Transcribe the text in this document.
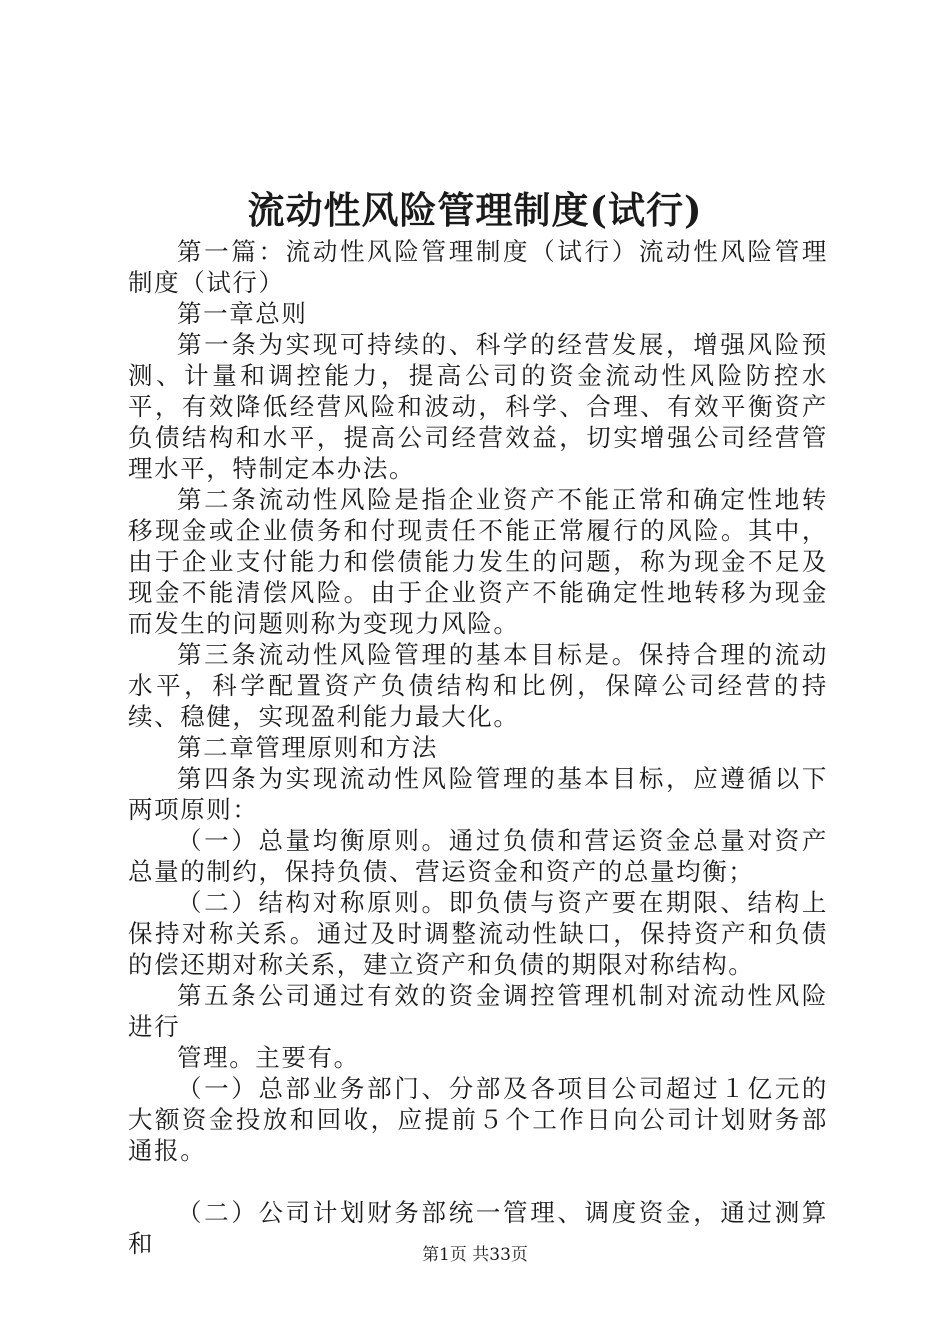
流动性风险管理制度(试行)

第一篇：流动性风险管理制度（试行）流动性风险管理制度（试行）

第一章总则

第一条为实现可持续的、科学的经营发展，增强风险预测、计量和调控能力，提高公司的资金流动性风险防控水平，有效降低经营风险和波动，科学、合理、有效平衡资产负债结构和水平，提高公司经营效益，切实增强公司经营管理水平，特制定本办法。

第二条流动性风险是指企业资产不能正常和确定性地转移现金或企业债务和付现责任不能正常履行的风险。其中，由于企业支付能力和偿债能力发生的问题，称为现金不足及现金不能清偿风险。由于企业资产不能确定性地转移为现金而发生的问题则称为变现力风险。

第三条流动性风险管理的基本目标是。保持合理的流动水平，科学配置资产负债结构和比例，保障公司经营的持续、稳健，实现盈利能力最大化。

第二章管理原则和方法

第四条为实现流动性风险管理的基本目标，应遵循以下两项原则：

（一）总量均衡原则。通过负债和营运资金总量对资产总量的制约，保持负债、营运资金和资产的总量均衡；

（二）结构对称原则。即负债与资产要在期限、结构上保持对称关系。通过及时调整流动性缺口，保持资产和负债的偿还期对称关系，建立资产和负债的期限对称结构。

第五条公司通过有效的资金调控管理机制对流动性风险进行

管理。主要有。

（一）总部业务部门、分部及各项目公司超过１亿元的大额资金投放和回收，应提前５个工作日向公司计划财务部通报。

（二）公司计划财务部统一管理、调度资金，通过测算和	第1页 共33页
